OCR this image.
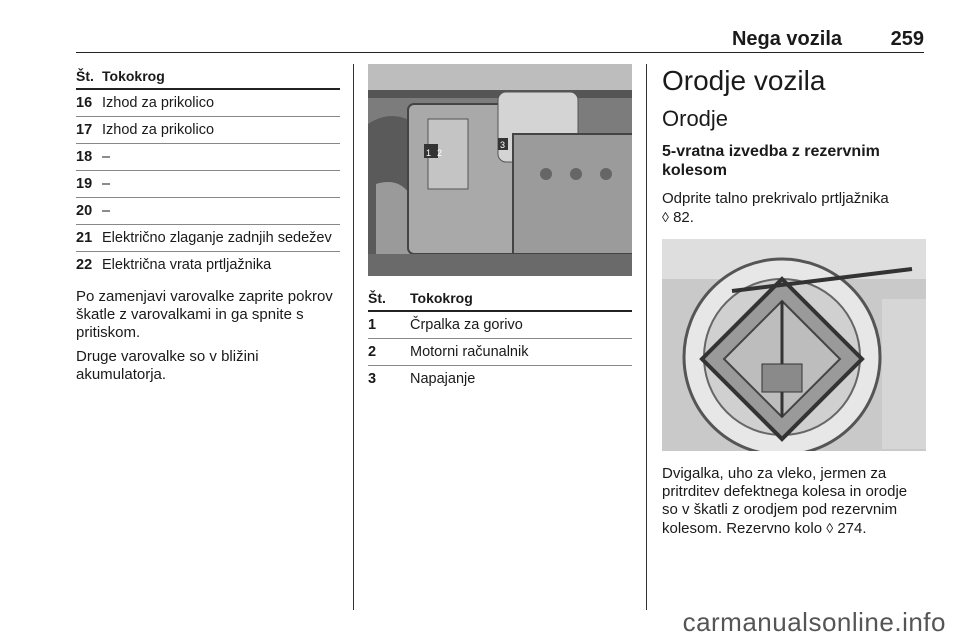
Nega vozila 259
Št.	Tokokrog
16	Izhod za prikolico
17	Izhod za prikolico
18	–
19	–
20	–
21	Električno zlaganje zadnjih sedežev
22	Električna vrata prtljažnika

Po zamenjavi varovalke zaprite pokrov škatle z varovalkami in ga spnite s pritiskom.

Druge varovalke so v bližini akumulatorja.

1 2
3
Št.	Tokokrog
1	Črpalka za gorivo
2	Motorni računalnik
3	Napajanje
Orodje vozila
Orodje
5-vratna izvedba z rezervnim kolesom

Odprite talno prekrivalo prtljažnika
◊ 82.

Dvigalka, uho za vleko, jermen za pritrditev defektnega kolesa in orodje so v škatli z orodjem pod rezervnim kolesom. Rezervno kolo ◊ 274.

carmanualsonline.info
